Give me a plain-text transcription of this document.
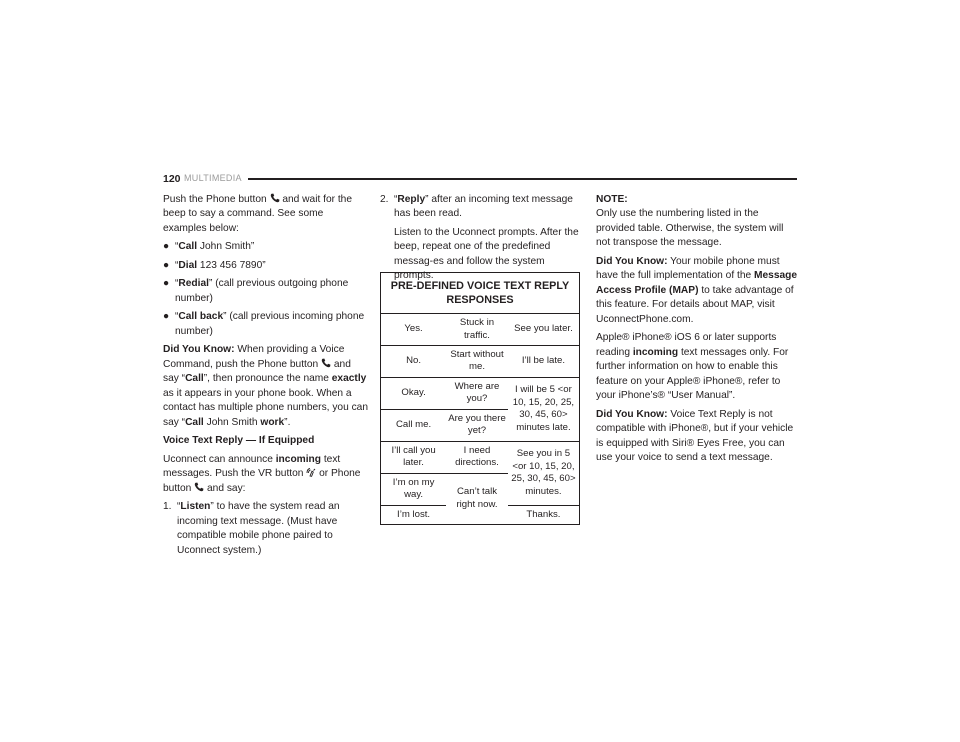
120 MULTIMEDIA

Push the Phone button and wait for the beep to say a command. See some examples below:

● “Call John Smith”
● “Dial 123 456 7890”
● “Redial” (call previous outgoing phone number)
● “Call back” (call previous incoming phone number)

Did You Know: When providing a Voice Command, push the Phone button  and say “Call”, then pronounce the name exactly as it appears in your phone book. When a contact has multiple phone numbers, you can say “Call John Smith work”.

Voice Text Reply — If Equipped

Uconnect can announce incoming text messages. Push the VR button  or Phone button  and say:

1. “Listen” to have the system read an incoming text message. (Must have compatible mobile phone paired to Uconnect system.)
2. “Reply” after an incoming text message has been read.

Listen to the Uconnect prompts. After the beep, repeat one of the predefined messag-es and follow the system prompts.

PRE-DEFINED VOICE TEXT REPLY RESPONSES		
Yes.	Stuck in traffic.	See you later.
No.	Start without me.	I’ll be late.
Okay.	Where are you?	I will be 5 <or 10, 15, 20, 25, 30, 45, 60> minutes late.
Call me.	Are you there yet?	
I’ll call you later.	I need directions.	See you in 5 <or 10, 15, 20, 25, 30, 45, 60> minutes.
I’m on my way.	Can’t talk right now.	
I’m lost.		Thanks.
NOTE:

Only use the numbering listed in the provided table. Otherwise, the system will not transpose the message.

Did You Know: Your mobile phone must have the full implementation of the Message Access Profile (MAP) to take advantage of this feature. For details about MAP, visit UconnectPhone.com.

Apple® iPhone® iOS 6 or later supports reading incoming text messages only. For further information on how to enable this feature on your Apple® iPhone®, refer to your iPhone’s® “User Manual”.

Did You Know: Voice Text Reply is not compatible with iPhone®, but if your vehicle is equipped with Siri® Eyes Free, you can use your voice to send a text message.
